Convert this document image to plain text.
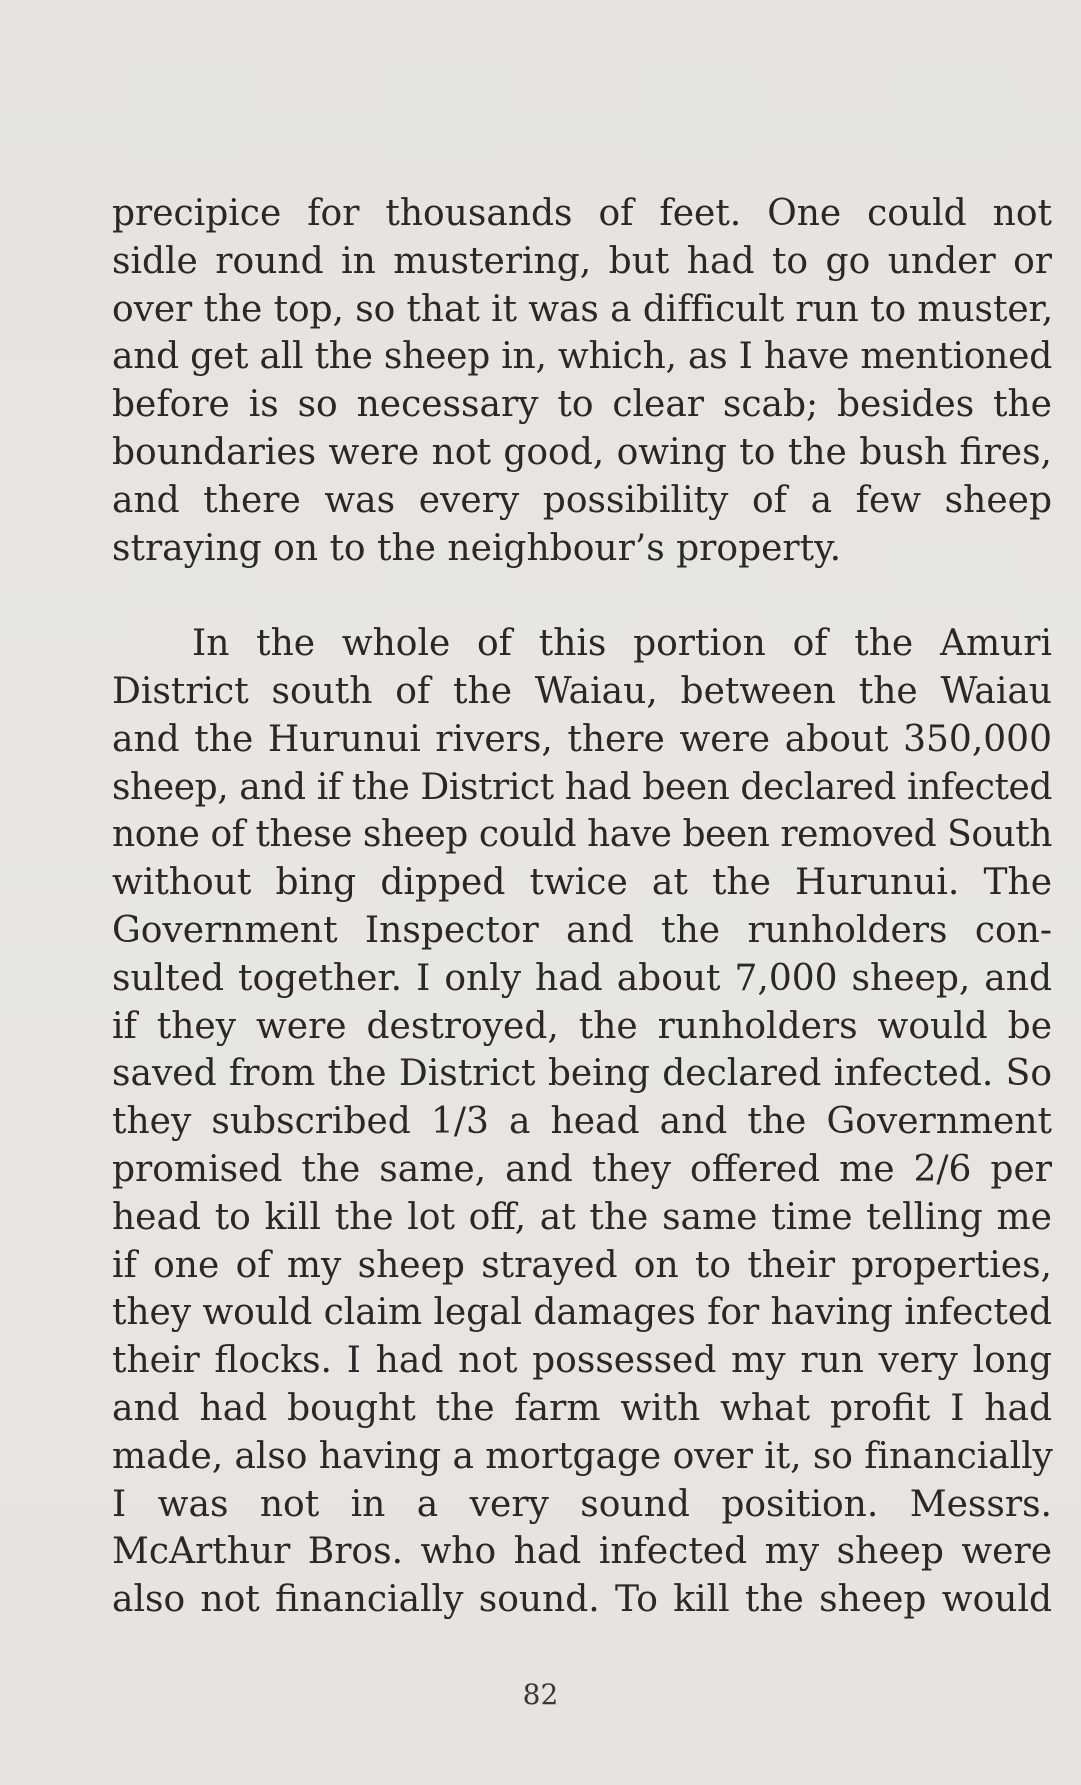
precipice for thousands of feet. One could not
sidle round in mustering, but had to go under or
over the top, so that it was a difficult run to muster,
and get all the sheep in, which, as I have mentioned
before is so necessary to clear scab; besides the
boundaries were not good, owing to the bush fires,
and there was every possibility of a few sheep
straying on to the neighbour’s property.
In the whole of this portion of the Amuri
District south of the Waiau, between the Waiau
and the Hurunui rivers, there were about 350,000
sheep, and if the District had been declared infected
none of these sheep could have been removed South
without bing dipped twice at the Hurunui. The
Government Inspector and the runholders con-
sulted together. I only had about 7,000 sheep, and
if they were destroyed, the runholders would be
saved from the District being declared infected. So
they subscribed 1/3 a head and the Government
promised the same, and they offered me 2/6 per
head to kill the lot off, at the same time telling me
if one of my sheep strayed on to their properties,
they would claim legal damages for having infected
their flocks. I had not possessed my run very long
and had bought the farm with what profit I had
made, also having a mortgage over it, so financially
I was not in a very sound position. Messrs.
McArthur Bros. who had infected my sheep were
also not financially sound. To kill the sheep would
82
